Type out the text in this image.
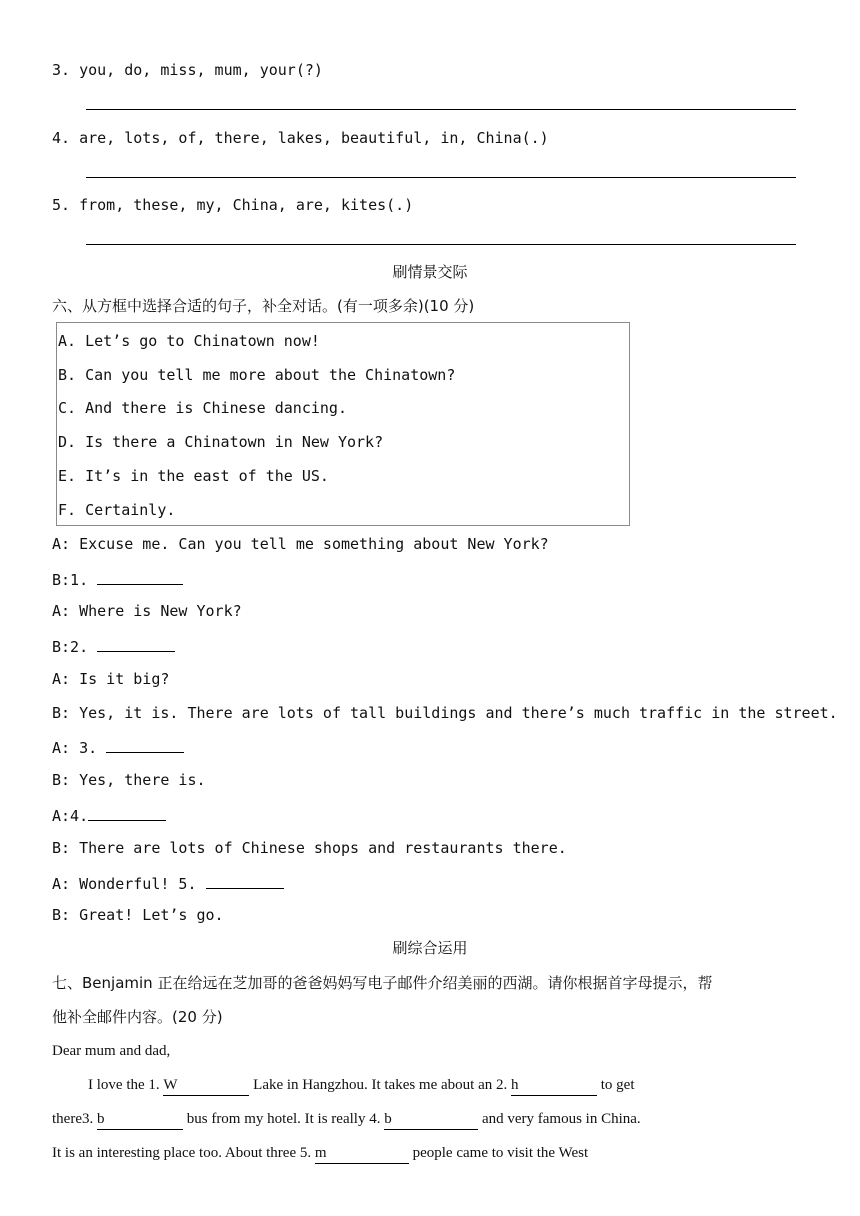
3. you, do, miss, mum, your(?)
4. are, lots, of, there, lakes, beautiful, in, China(.)
5. from, these, my, China, are, kites(.)
刷情景交际
六、从方框中选择合适的句子，补全对话。(有一项多余)(10 分)
A. Let’s go to Chinatown now!
B. Can you tell me more about the Chinatown?
C. And there is Chinese dancing.
D. Is there a Chinatown in New York?
E. It’s in the east of the US.
F. Certainly.
A: Excuse me. Can you tell me something about New York?
B:1.
A: Where is New York?
B:2.
A: Is it big?
B: Yes, it is. There are lots of tall buildings and there’s much traffic in the street.
A: 3.
B: Yes, there is.
A:4.
B: There are lots of Chinese shops and restaurants there.
A: Wonderful! 5.
B: Great! Let’s go.
刷综合运用
七、Benjamin 正在给远在芝加哥的爸爸妈妈写电子邮件介绍美丽的西湖。请你根据首字母提示，帮
他补全邮件内容。(20 分)
Dear mum and dad,
I love the 1. W	Lake in Hangzhou. It takes me about an 2. h	to get
there3. b	bus from my hotel. It is really 4. b	and very famous in China.
It is an interesting place too. About three 5. m	people came to visit the West
